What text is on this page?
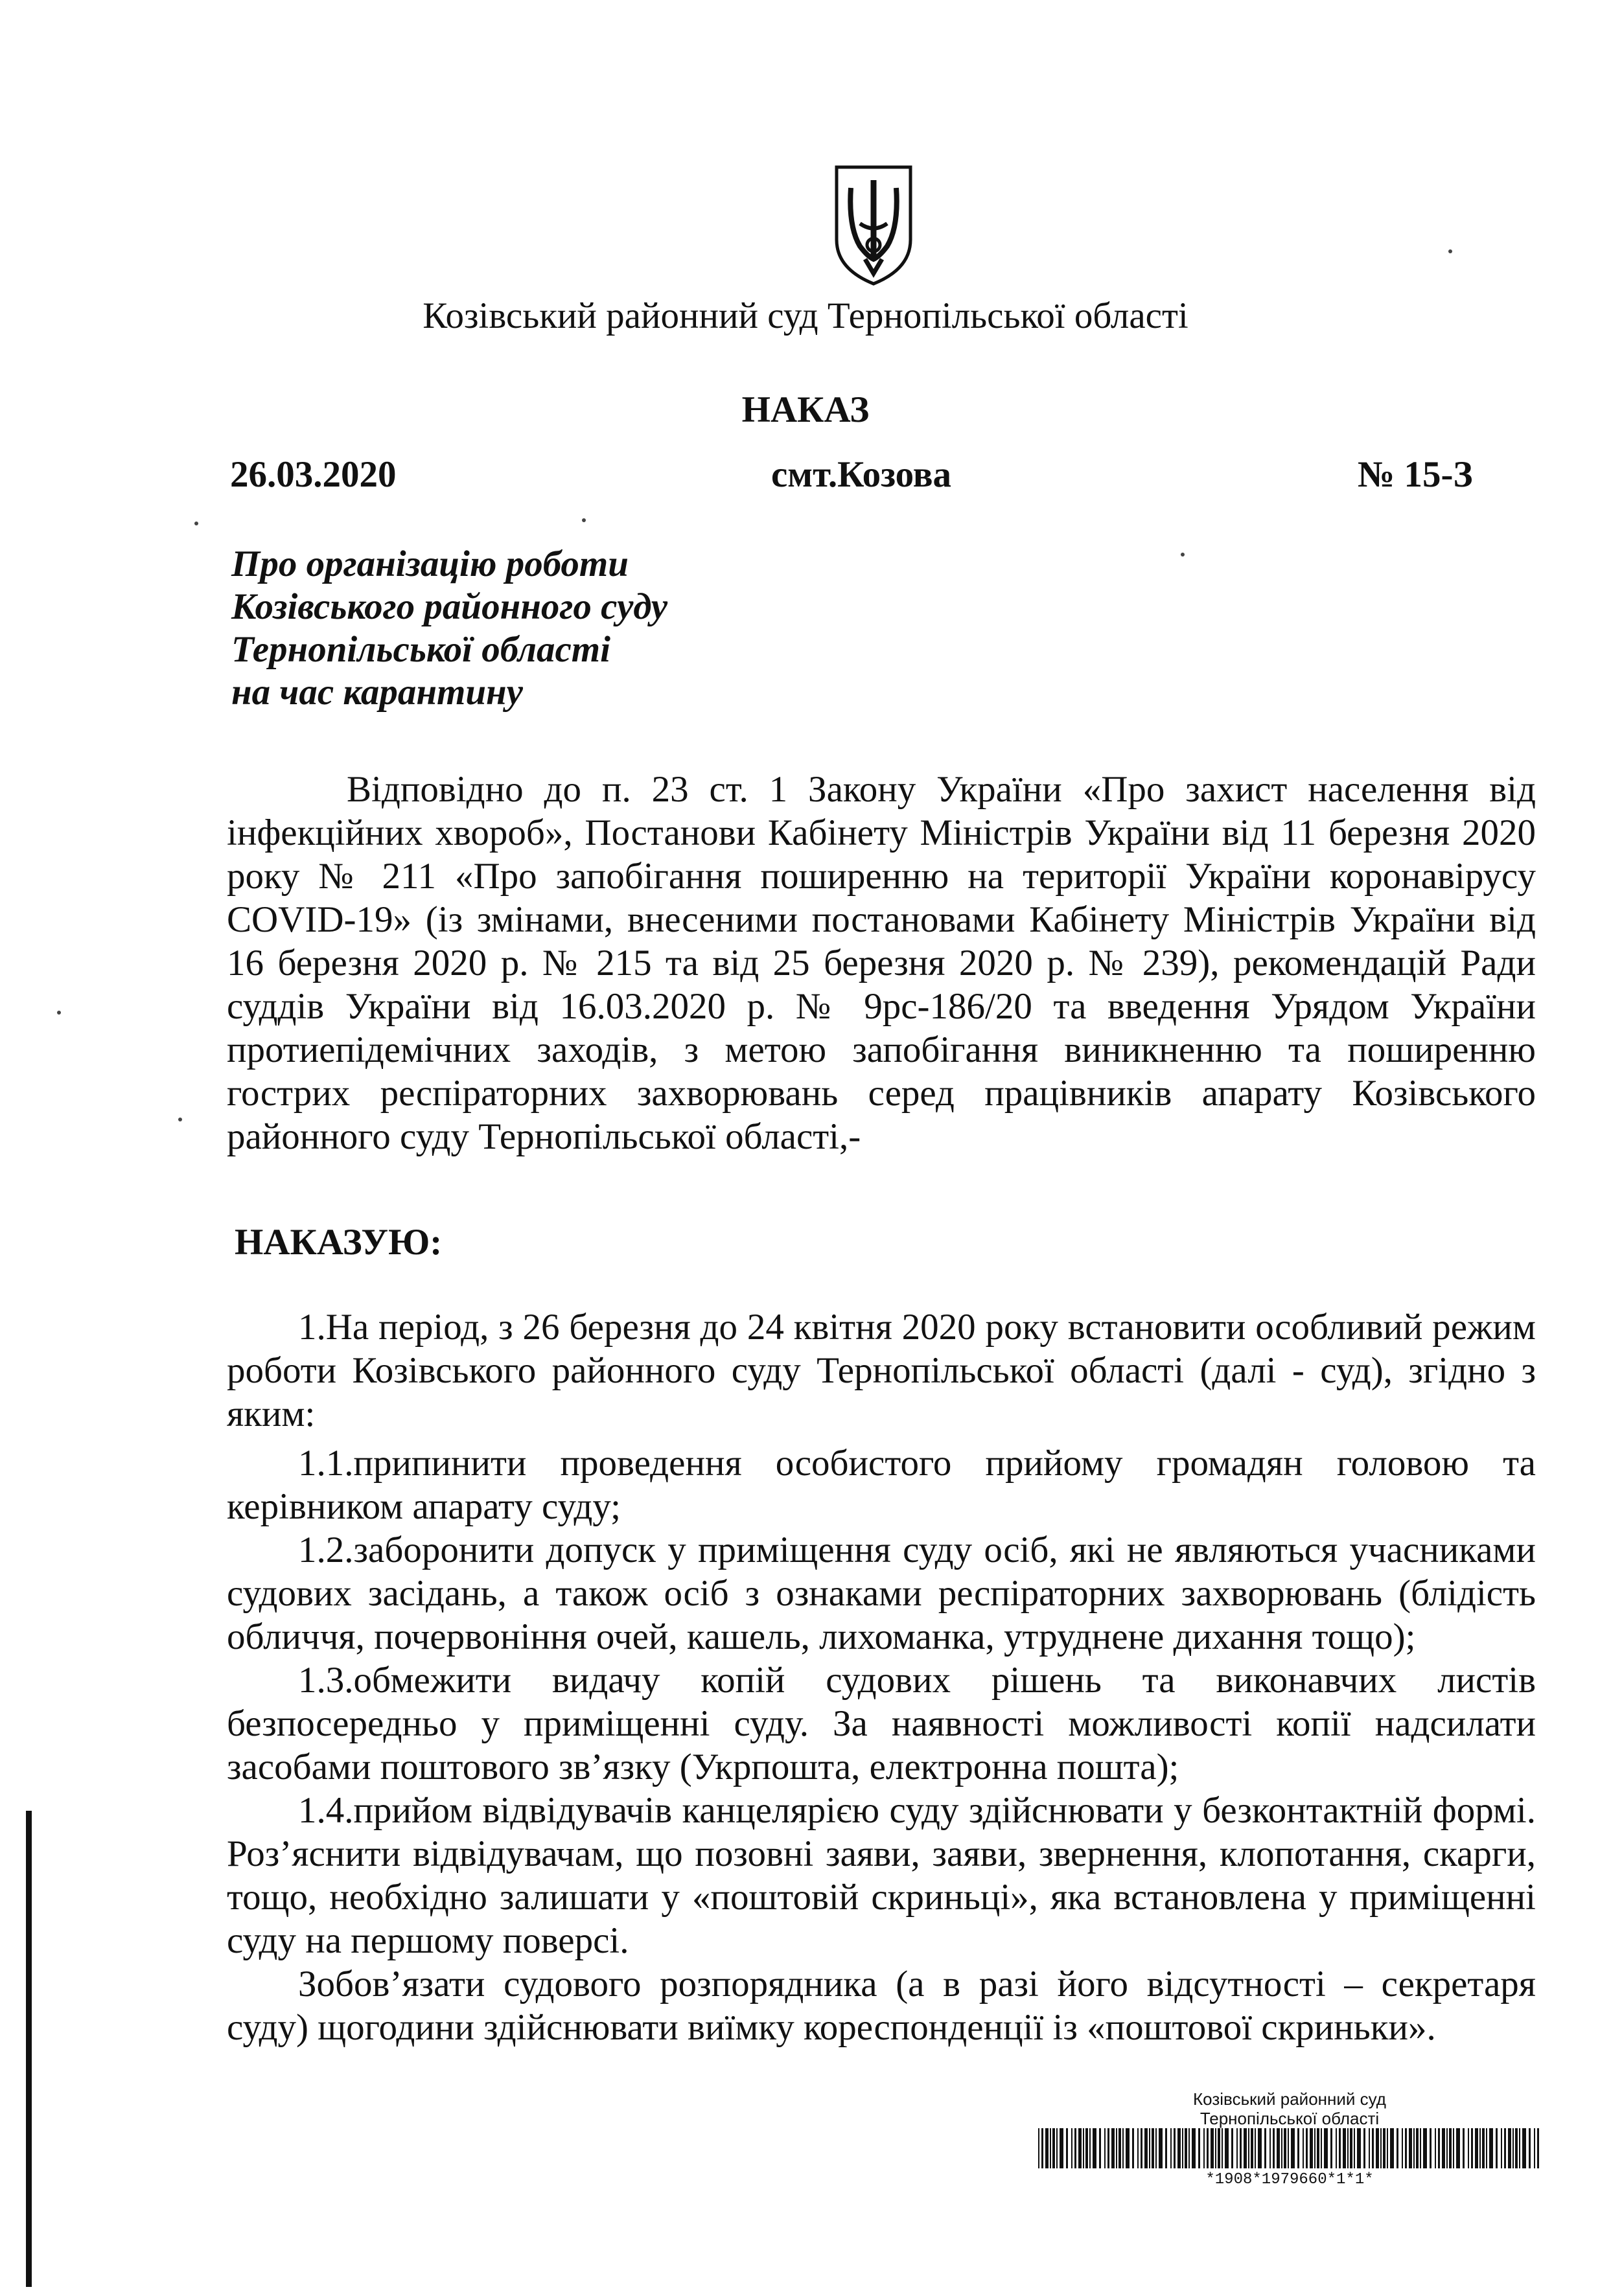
Козівський районний суд Тернопільської області
НАКАЗ
26.03.2020	смт.Козова	№ 15-З
Про організацію роботи
Козівського районного суду
Тернопільської області
на час карантину
Відповідно до п. 23 ст. 1 Закону України «Про захист населення від інфекційних хвороб», Постанови Кабінету Міністрів України від 11 березня 2020 року № 211 «Про запобігання поширенню на території України коронавірусу COVID-19» (із змінами, внесеними постановами Кабінету Міністрів України від 16 березня 2020 р. № 215 та від 25 березня 2020 р. № 239), рекомендацій Ради суддів України від 16.03.2020 р. № 9рс-186/20 та введення Урядом України протиепідемічних заходів, з метою запобігання виникненню та поширенню гострих респіраторних захворювань серед працівників апарату Козівського районного суду Тернопільської області,-
НАКАЗУЮ:
1.На період, з 26 березня до 24 квітня 2020 року встановити особливий режим роботи Козівського районного суду Тернопільської області (далі - суд), згідно з яким:

1.1.припинити проведення особистого прийому громадян головою та керівником апарату суду;

1.2.заборонити допуск у приміщення суду осіб, які не являються учасниками судових засідань, а також осіб з ознаками респіраторних захворювань (блідість обличчя, почервоніння очей, кашель, лихоманка, утруднене дихання тощо);

1.3.обмежити видачу копій судових рішень та виконавчих листів безпосередньо у приміщенні суду. За наявності можливості копії надсилати засобами поштового зв’язку (Укрпошта, електронна пошта);

1.4.прийом відвідувачів канцелярією суду здійснювати у безконтактній формі. Роз’яснити відвідувачам, що позовні заяви, заяви, звернення, клопотання, скарги, тощо, необхідно залишати у «поштовій скриньці», яка встановлена у приміщенні суду на першому поверсі.

Зобов’язати судового розпорядника (а в разі його відсутності – секретаря суду) щогодини здійснювати виїмку кореспонденції із «поштової скриньки».

Козівський районний суд
Тернопільської області
*1908*1979660*1*1*
